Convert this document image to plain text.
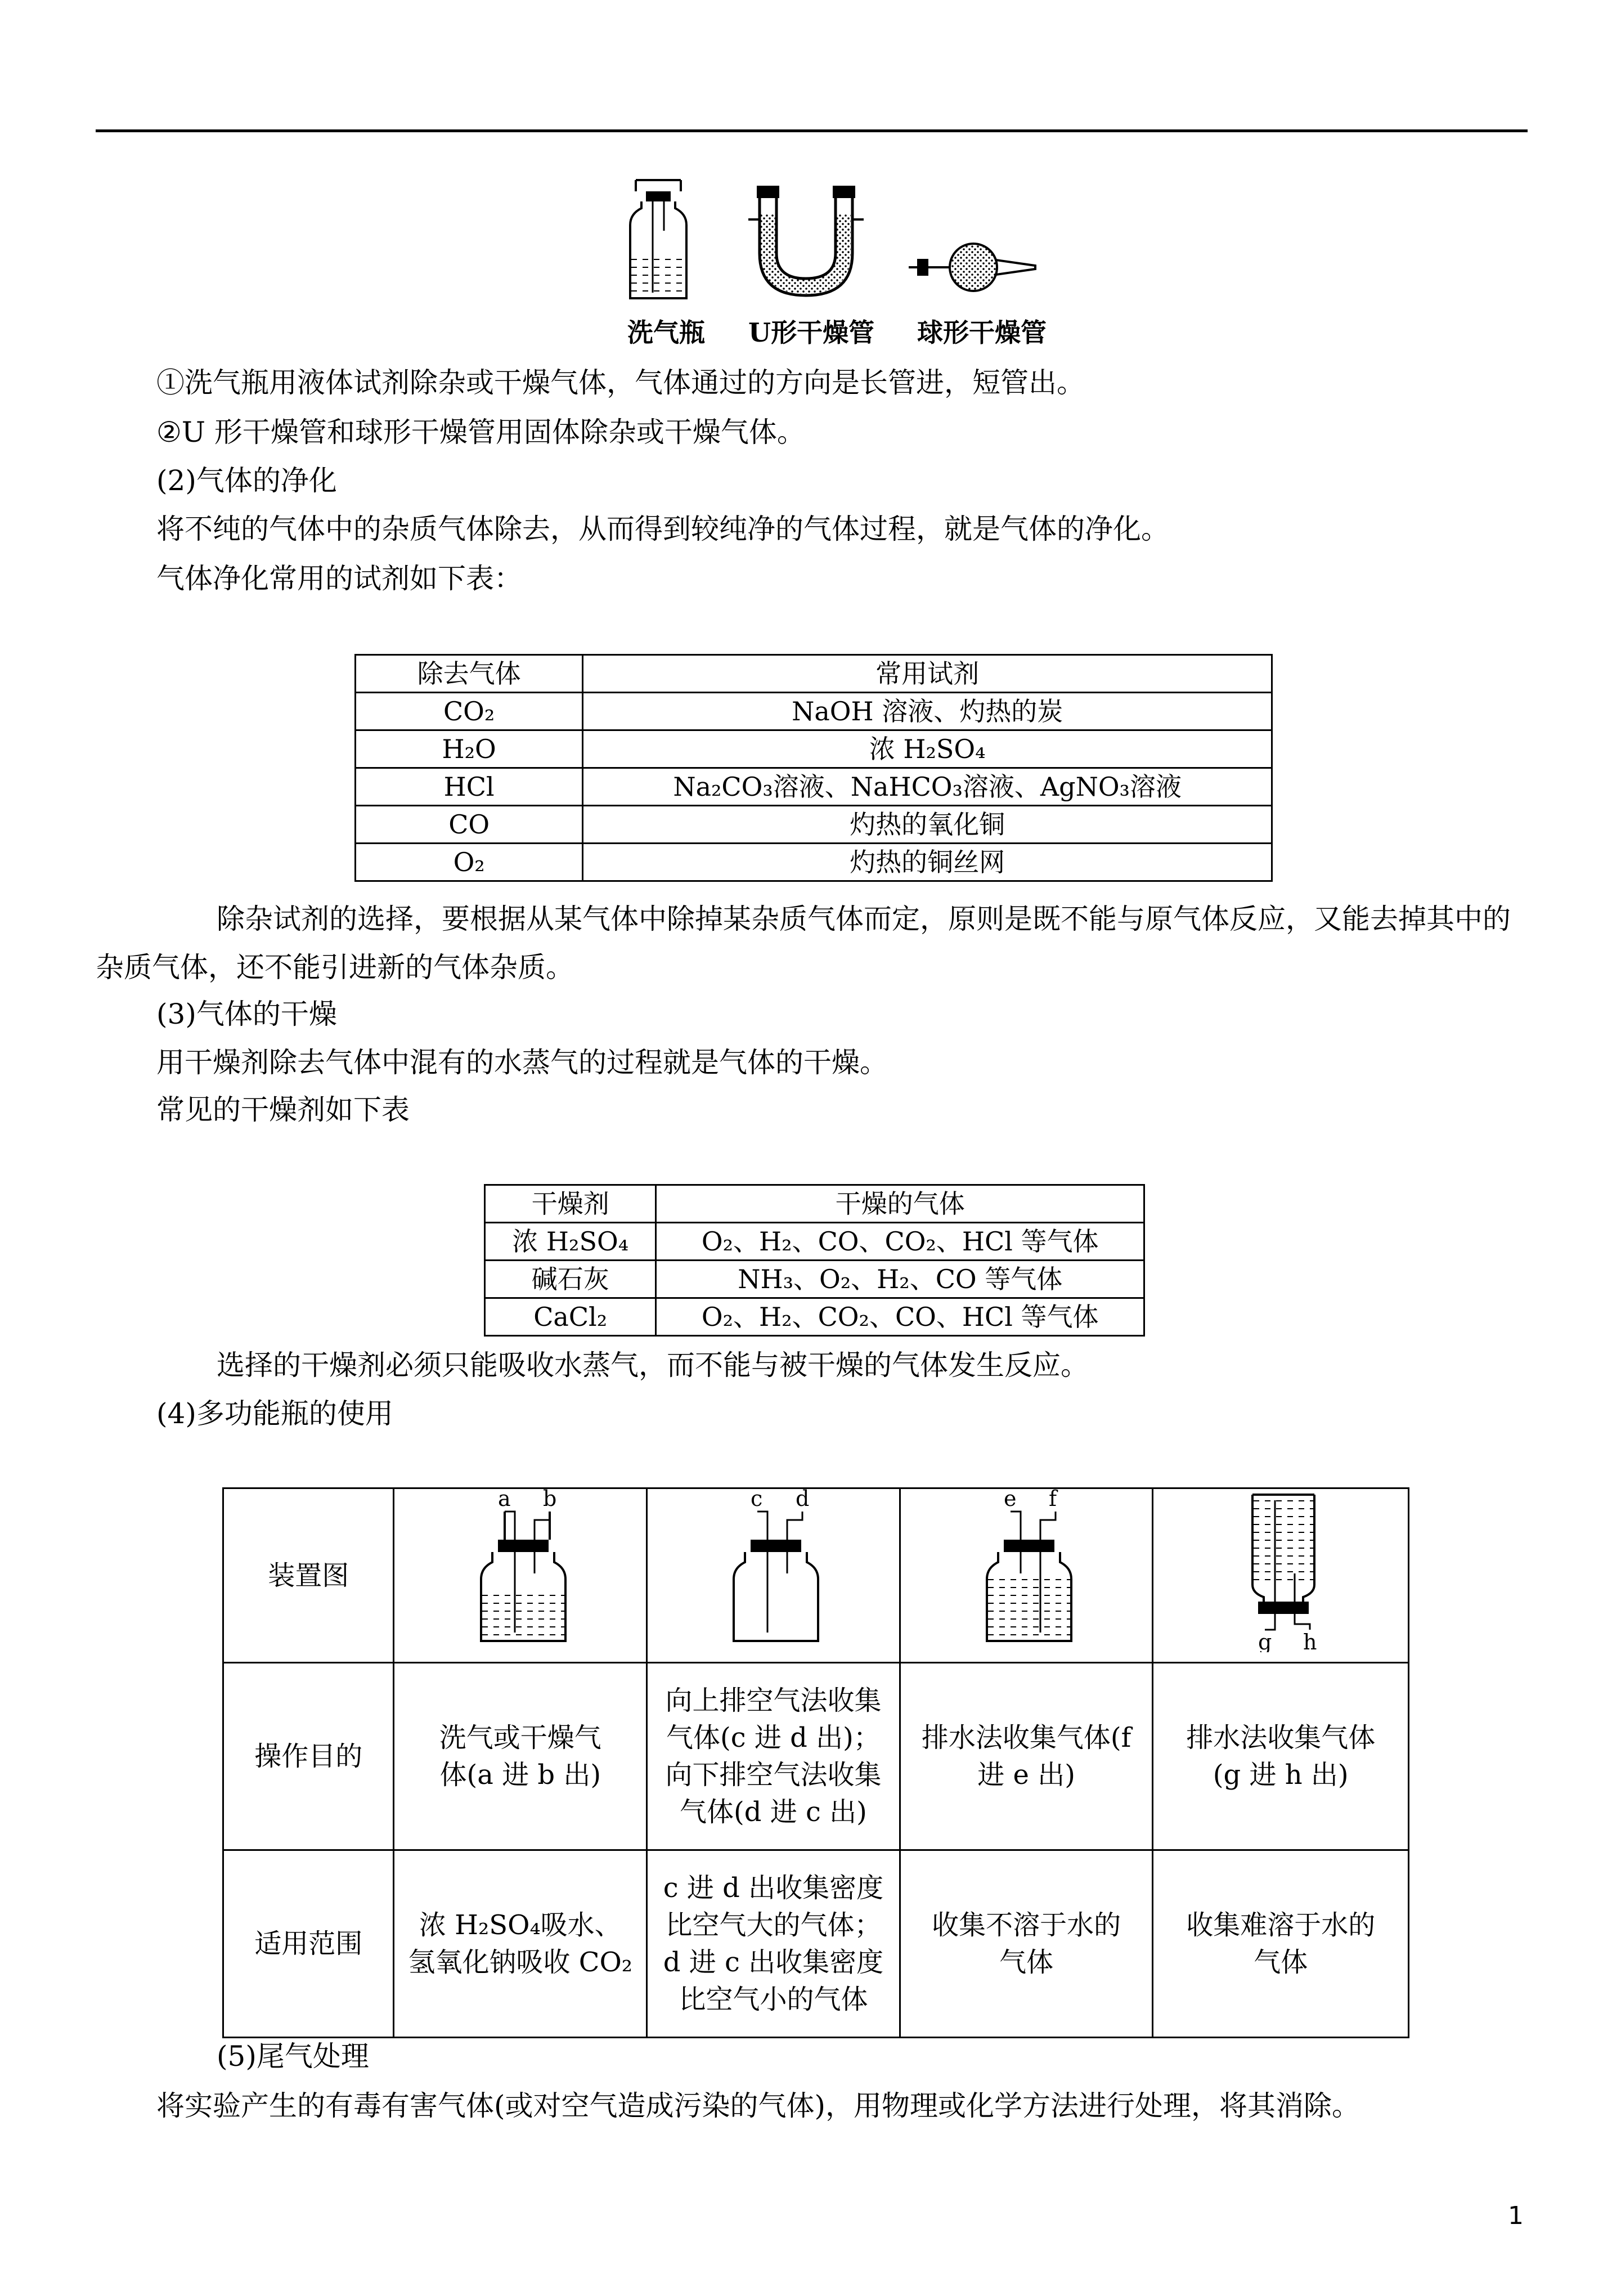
洗气瓶 U形干燥管 球形干燥管
①洗气瓶用液体试剂除杂或干燥气体，气体通过的方向是长管进，短管出。
②U 形干燥管和球形干燥管用固体除杂或干燥气体。
(2)气体的净化
将不纯的气体中的杂质气体除去，从而得到较纯净的气体过程，就是气体的净化。
气体净化常用的试剂如下表：
除去气体	常用试剂
CO₂	NaOH 溶液、灼热的炭
H₂O	浓 H₂SO₄
HCl	Na₂CO₃溶液、NaHCO₃溶液、AgNO₃溶液
CO	灼热的氧化铜
O₂	灼热的铜丝网
除杂试剂的选择，要根据从某气体中除掉某杂质气体而定，原则是既不能与原气体反应，又能去掉其中的杂质气体，还不能引进新的气体杂质。
(3)气体的干燥
用干燥剂除去气体中混有的水蒸气的过程就是气体的干燥。
常见的干燥剂如下表
干燥剂	干燥的气体
浓 H₂SO₄	O₂、H₂、CO、CO₂、HCl 等气体
碱石灰	NH₃、O₂、H₂、CO 等气体
CaCl₂	O₂、H₂、CO₂、CO、HCl 等气体
选择的干燥剂必须只能吸收水蒸气，而不能与被干燥的气体发生反应。
(4)多功能瓶的使用
装置图	a b	c d	e f	g h

操作目的	洗气或干燥气体(a 进 b 出)	向上排空气法收集气体(c 进 d 出)；向下排空气法收集气体(d 进 c 出)	排水法收集气体(f 进 e 出)	排水法收集气体(g 进 h 出)

适用范围	浓 H₂SO₄吸水、氢氧化钠吸收 CO₂	c 进 d 出收集密度比空气大的气体；d 进 c 出收集密度比空气小的气体	收集不溶于水的气体	收集难溶于水的气体
(5)尾气处理
将实验产生的有毒有害气体(或对空气造成污染的气体)，用物理或化学方法进行处理，将其消除。
1
